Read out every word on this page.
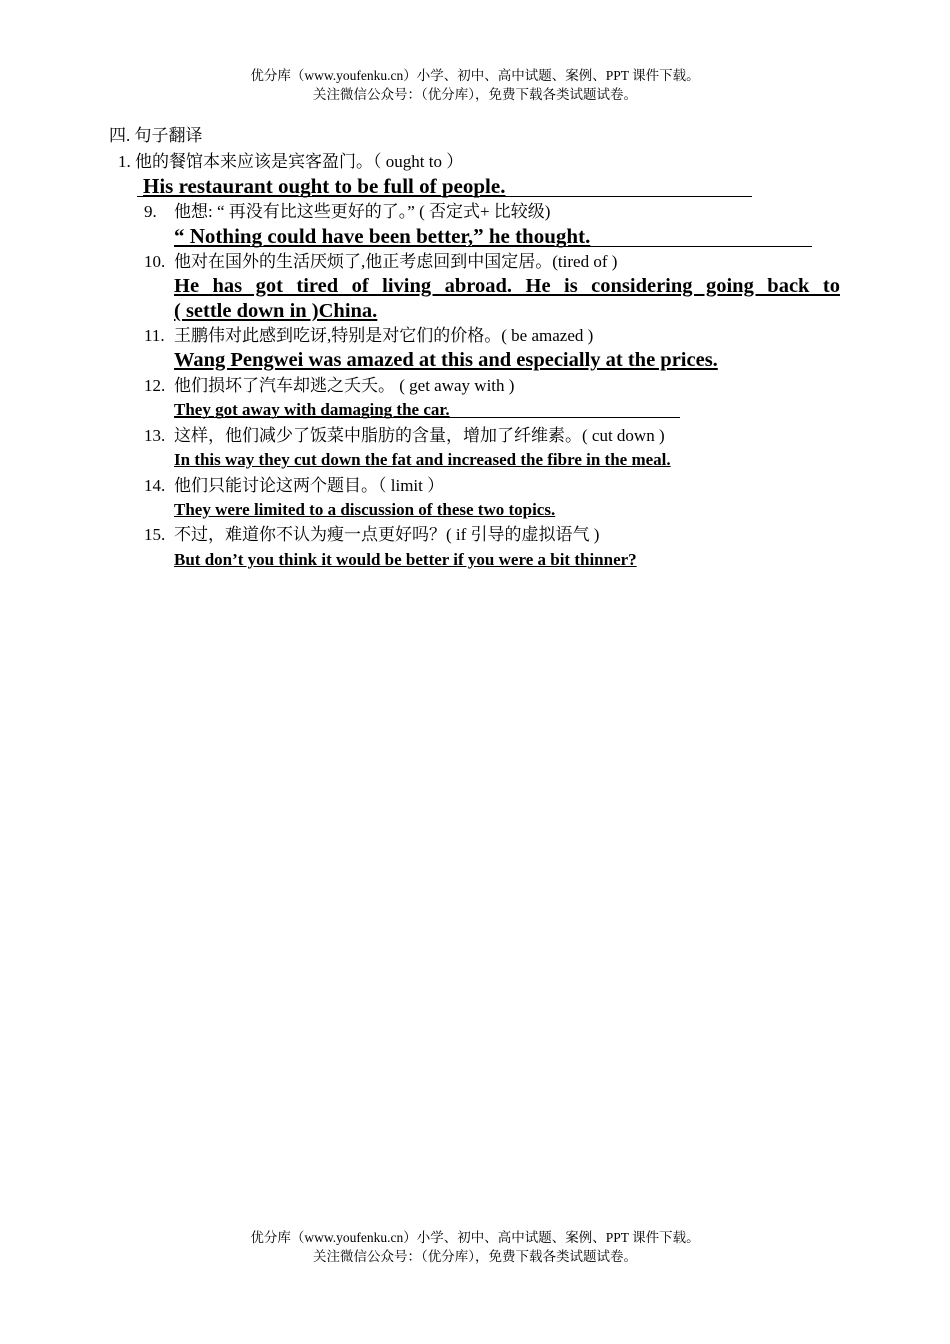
优分库（www.youfenku.cn）小学、初中、高中试题、案例、PPT 课件下载。
关注微信公众号：（优分库），免费下载各类试题试卷。
四. 句子翻译
1. 他的餐馆本来应该是宾客盈门。（ ought to ）
His restaurant ought to be full of people.
9. 他想: “ 再没有比这些更好的了。” ( 否定式+ 比较级)
“ Nothing could have been better,” he thought.
10. 他对在国外的生活厌烦了,他正考虑回到中国定居。(tired of )
He has got tired of living abroad. He is considering going back to
( settle down in )China.
11. 王鹏伟对此感到吃讶,特别是对它们的价格。( be amazed )
Wang Pengwei was amazed at this and especially at the prices.
12. 他们损坏了汽车却逃之夭夭。 ( get away with )
They got away with damaging the car.
13. 这样，他们减少了饭菜中脂肪的含量，增加了纤维素。( cut down )
In this way they cut down the fat and increased the fibre in the meal.
14. 他们只能讨论这两个题目。（ limit ）
They were limited to a discussion of these two topics.
15. 不过，难道你不认为瘦一点更好吗？( if 引导的虚拟语气 )
But don’t you think it would be better if you were a bit thinner?
优分库（www.youfenku.cn）小学、初中、高中试题、案例、PPT 课件下载。
关注微信公众号：（优分库），免费下载各类试题试卷。
